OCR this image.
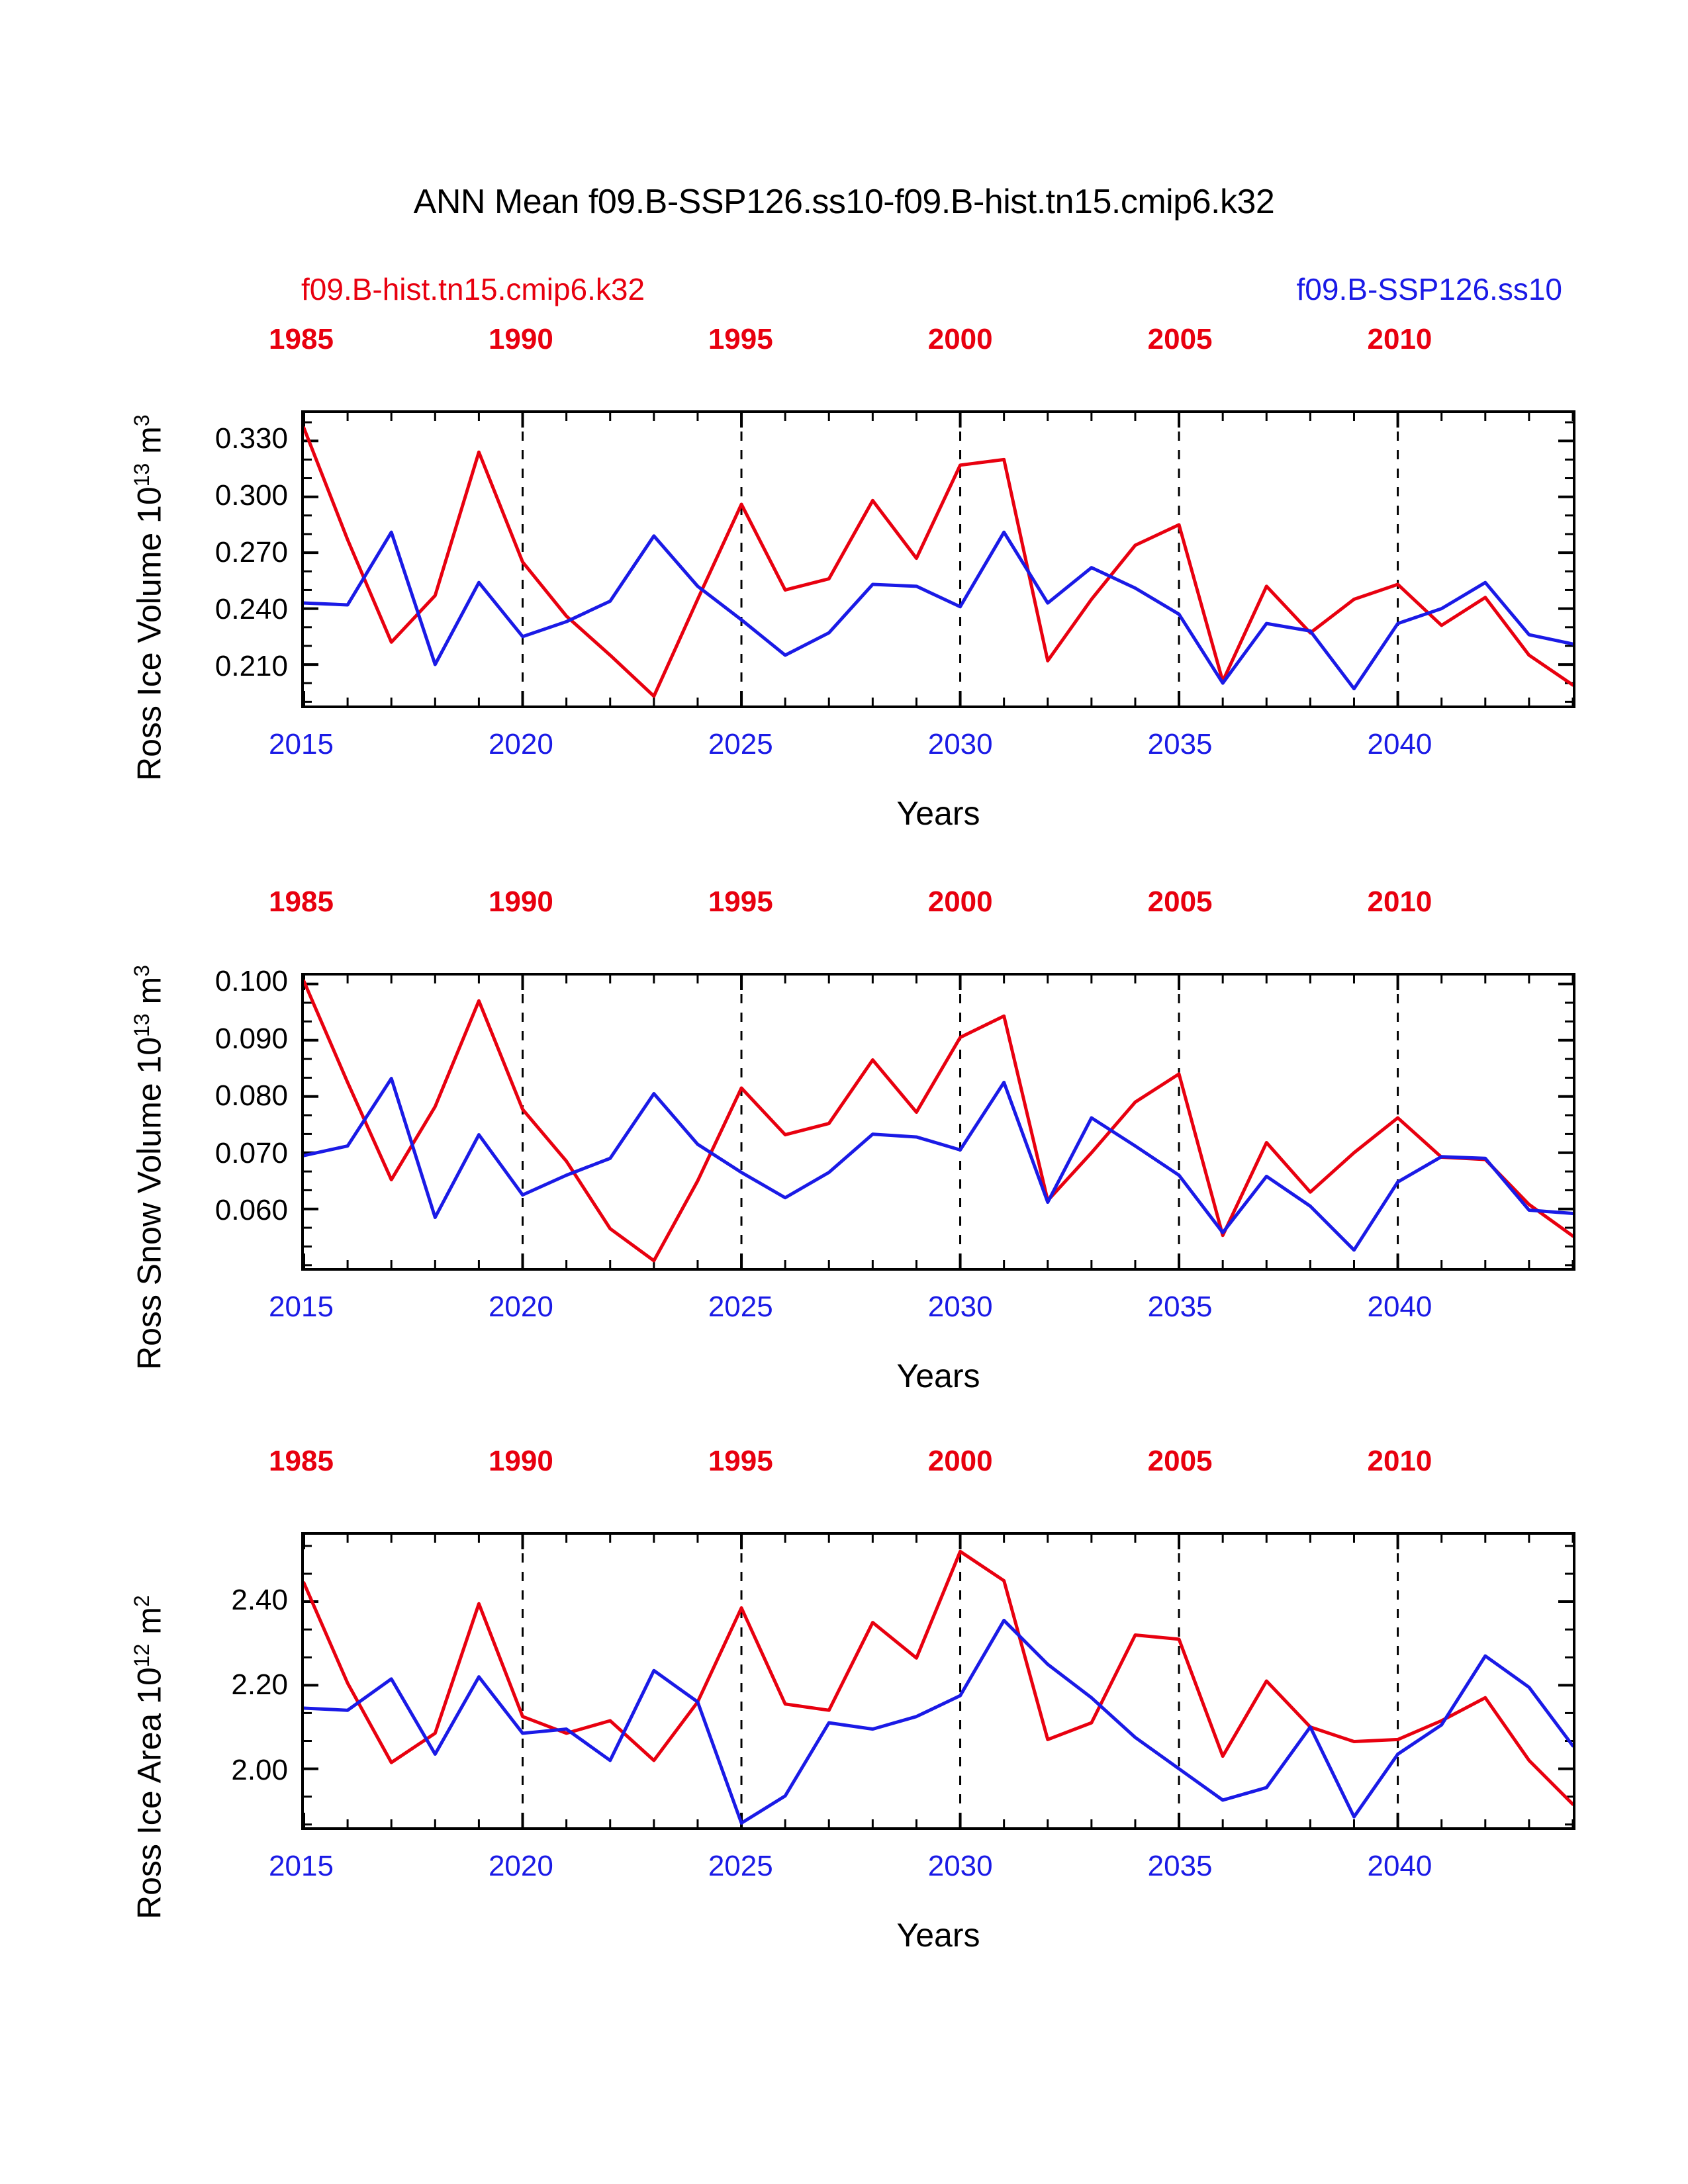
ANN Mean f09.B-SSP126.ss10-f09.B-hist.tn15.cmip6.k32
f09.B-hist.tn15.cmip6.k32	f09.B-SSP126.ss10
1985	1990	1995	2000	2005	2010
2015	2020	2025	2030	2035	2040
0.210
0.240
0.270
0.300
0.330
Years
Ross Ice Volume $10^{13}$ $m^3$
1985	1990	1995	2000	2005	2010
2015	2020	2025	2030	2035	2040
0.060
0.070
0.080
0.090
0.100
Years
Ross Snow Volume $10^{13}$ $m^3$
1985	1990	1995	2000	2005	2010
2015	2020	2025	2030	2035	2040
2.00
2.20
2.40
Years
Ross Ice Area $10^{12}$ $m^2$
